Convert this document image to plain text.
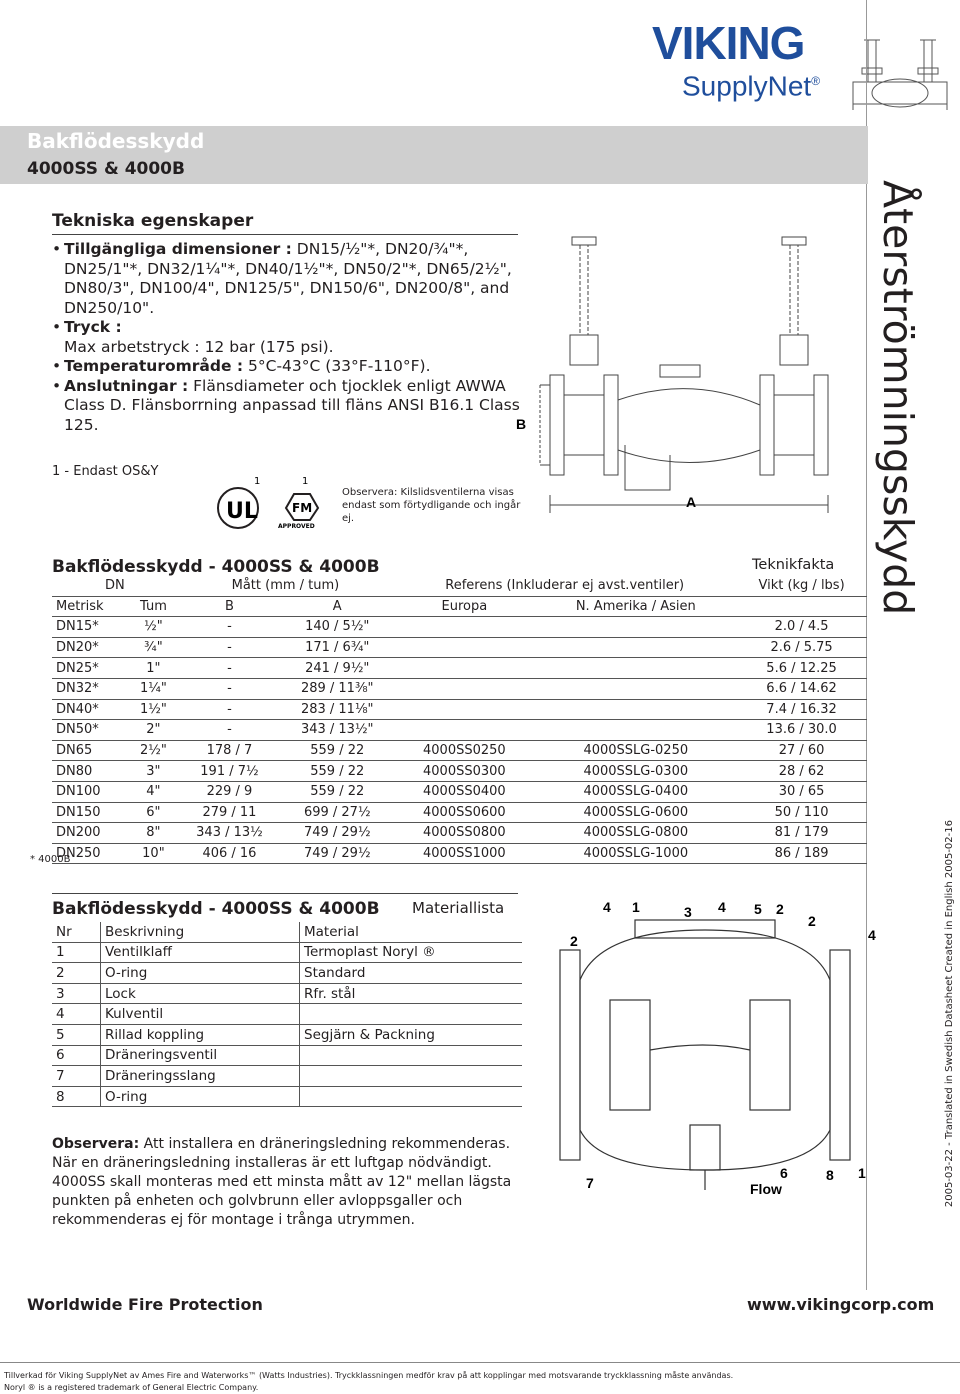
VIKING
SupplyNet®
Bakflödesskydd
4000SS & 4000B
Återströmningsskydd
2005-03-22 - Translated in Swedish Datasheet Created in English 2005-02-16
Tekniska egenskaper
• Tillgängliga dimensioner : DN15/½"*, DN20/¾"*, DN25/1"*, DN32/1¼"*, DN40/1½"*, DN50/2"*, DN65/2½", DN80/3", DN100/4", DN125/5", DN150/6", DN200/8", and DN250/10".
• Tryck :
Max arbetstryck : 12 bar (175 psi).
• Temperaturområde : 5°C-43°C (33°F-110°F).
• Anslutningar : Flänsdiameter och tjocklek enligt AWWA Class D. Flänsborrning anpassad till fläns ANSI B16.1 Class 125.
1 - Endast OS&Y
1
UL
1
FM
APPROVED
Observera: Kilslidsventilerna visas endast som förtydligande och ingår ej.
B
A
Bakflödesskydd - 4000SS & 4000B	Teknikfakta
DN		Mått (mm / tum)		Referens (Inkluderar ej avst.ventiler)		Vikt (kg / lbs)
Metrisk	Tum	B	A	Europa	N. Amerika / Asien	
DN15*	½"	-	140 / 5½"			2.0 / 4.5
DN20*	¾"	-	171 / 6¾"			2.6 / 5.75
DN25*	1"	-	241 / 9½"			5.6 / 12.25
DN32*	1¼"	-	289 / 11⅜"			6.6 / 14.62
DN40*	1½"	-	283 / 11⅛"			7.4 / 16.32
DN50*	2"	-	343 / 13½"			13.6 / 30.0
DN65	2½"	178 / 7	559 / 22	4000SS0250	4000SSLG-0250	27 / 60
DN80	3"	191 / 7½	559 / 22	4000SS0300	4000SSLG-0300	28 / 62
DN100	4"	229 / 9	559 / 22	4000SS0400	4000SSLG-0400	30 / 65
DN150	6"	279 / 11	699 / 27½	4000SS0600	4000SSLG-0600	50 / 110
DN200	8"	343 / 13½	749 / 29½	4000SS0800	4000SSLG-0800	81 / 179
DN250	10"	406 / 16	749 / 29½	4000SS1000	4000SSLG-1000	86 / 189
* 4000B
Bakflödesskydd - 4000SS & 4000B Materiallista
Nr	Beskrivning	Material
1	Ventilklaff	Termoplast Noryl ®
2	O-ring	Standard
3	Lock	Rfr. stål
4	Kulventil	
5	Rillad koppling	Segjärn & Packning
6	Dräneringsventil	
7	Dräneringsslang	
8	O-ring	
Observera: Att installera en dräneringsledning rekommenderas. När en dräneringsledning installeras är ett luftgap nödvändigt. 4000SS skall monteras med ett minsta mått av 12" mellan lägsta punkten på enheten och golvbrunn eller avloppsgaller och rekommenderas ej för montage i trånga utrymmen.
4 1	3 4 5 2
2
2	4
7
6	8 1
Flow
Worldwide Fire Protection	www.vikingcorp.com
Tillverkad för Viking SupplyNet av Ames Fire and Waterworks™ (Watts Industries). Tryckklassningen medför krav på att kopplingar med motsvarande tryckklassning måste användas.
Noryl ® is a registered trademark of General Electric Company.
